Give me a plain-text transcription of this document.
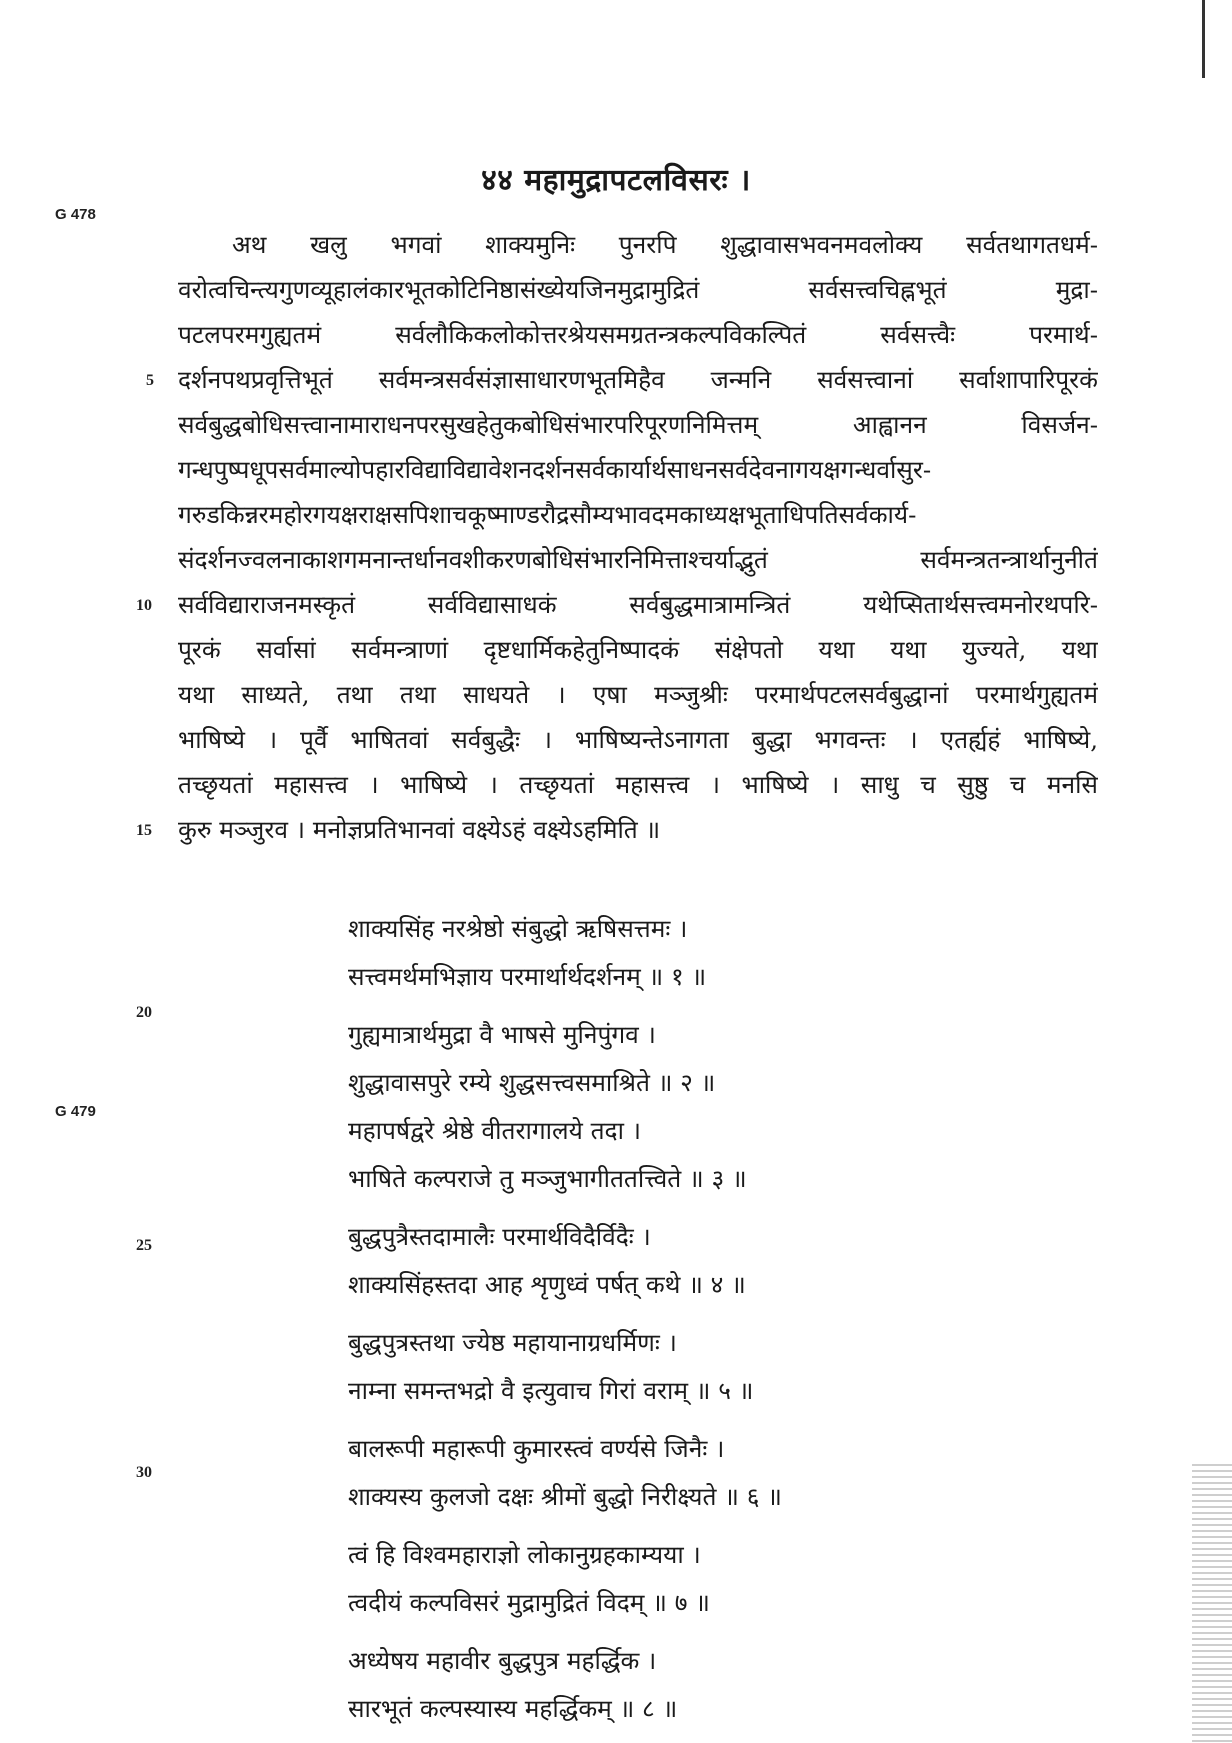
४४ महामुद्रापटलविसरः ।
G 478
G 479
5
10
15
20
25
30
अथ खलु भगवां शाक्यमुनिः पुनरपि शुद्धावासभवनमवलोक्य सर्वतथागतधर्म-
वरोत्वचिन्त्यगुणव्यूहालंकारभूतकोटिनिष्ठासंख्येयजिनमुद्रामुद्रितं सर्वसत्त्वचिह्नभूतं मुद्रा-
पटलपरमगुह्यतमं सर्वलौकिकलोकोत्तरश्रेयसमग्रतन्त्रकल्पविकल्पितं सर्वसत्त्वैः परमार्थ-
दर्शनपथप्रवृत्तिभूतं सर्वमन्त्रसर्वसंज्ञासाधारणभूतमिहैव जन्मनि सर्वसत्त्वानां सर्वाशापारिपूरकं
सर्वबुद्धबोधिसत्त्वानामाराधनपरसुखहेतुकबोधिसंभारपरिपूरणनिमित्तम् आह्वानन विसर्जन-
गन्धपुष्पधूपसर्वमाल्योपहारविद्याविद्यावेशनदर्शनसर्वकार्यार्थसाधनसर्वदेवनागयक्षगन्धर्वासुर-
गरुडकिन्नरमहोरगयक्षराक्षसपिशाचकूष्माण्डरौद्रसौम्यभावदमकाध्यक्षभूताधिपतिसर्वकार्य-
संदर्शनज्वलनाकाशगमनान्तर्धानवशीकरणबोधिसंभारनिमित्ताश्चर्याद्भुतं सर्वमन्त्रतन्त्रार्थानुनीतं
सर्वविद्याराजनमस्कृतं सर्वविद्यासाधकं सर्वबुद्धमात्रामन्त्रितं यथेप्सितार्थसत्त्वमनोरथपरि-
पूरकं सर्वासां सर्वमन्त्राणां दृष्टधार्मिकहेतुनिष्पादकं संक्षेपतो यथा यथा युज्यते, यथा
यथा साध्यते, तथा तथा साधयते । एषा मञ्जुश्रीः परमार्थपटलसर्वबुद्धानां परमार्थगुह्यतमं
भाषिष्ये । पूर्वै भाषितवां सर्वबुद्धैः । भाषिष्यन्तेऽनागता बुद्धा भगवन्तः । एतर्ह्यहं भाषिष्ये,
तच्छृयतां महासत्त्व । भाषिष्ये । तच्छृयतां महासत्त्व । भाषिष्ये । साधु च सुष्ठु च मनसि
कुरु मञ्जुरव । मनोज्ञप्रतिभानवां वक्ष्येऽहं वक्ष्येऽहमिति ॥
शाक्यसिंह नरश्रेष्ठो संबुद्धो ऋषिसत्तमः ।
सत्त्वमर्थमभिज्ञाय परमार्थार्थदर्शनम् ॥ १ ॥
गुह्यमात्रार्थमुद्रा वै भाषसे मुनिपुंगव ।
शुद्धावासपुरे रम्ये शुद्धसत्त्वसमाश्रिते ॥ २ ॥
महापर्षद्वरे श्रेष्ठे वीतरागालये तदा ।
भाषिते कल्पराजे तु मञ्जुभागीततत्त्विते ॥ ३ ॥
बुद्धपुत्रैस्तदामालैः परमार्थविदैर्विदैः ।
शाक्यसिंहस्तदा आह शृणुध्वं पर्षत् कथे ॥ ४ ॥
बुद्धपुत्रस्तथा ज्येष्ठ महायानाग्रधर्मिणः ।
नाम्ना समन्तभद्रो वै इत्युवाच गिरां वराम् ॥ ५ ॥
बालरूपी महारूपी कुमारस्त्वं वर्ण्यसे जिनैः ।
शाक्यस्य कुलजो दक्षः श्रीमों बुद्धो निरीक्ष्यते ॥ ६ ॥
त्वं हि विश्वमहाराज्ञो लोकानुग्रहकाम्यया ।
त्वदीयं कल्पविसरं मुद्रामुद्रितं विदम् ॥ ७ ॥
अध्येषय महावीर बुद्धपुत्र महर्द्धिक ।
सारभूतं कल्पस्यास्य महर्द्धिकम् ॥ ८ ॥
